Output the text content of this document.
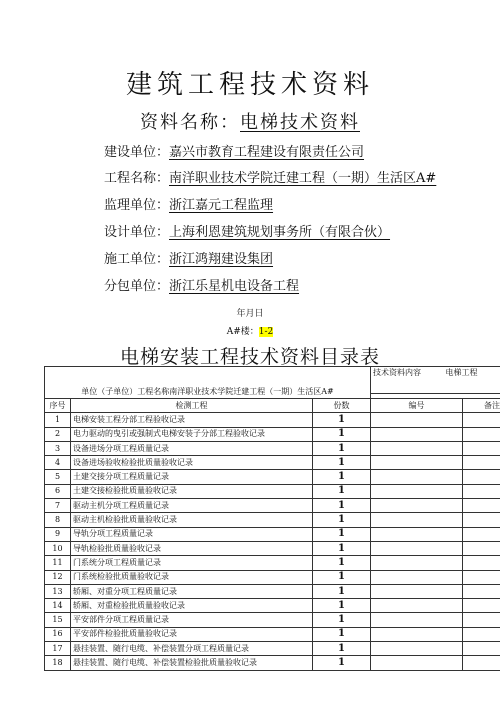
建筑工程技术资料
资料名称：电梯技术资料
建设单位：嘉兴市教育工程建设有限责任公司
工程名称：南洋职业技术学院迁建工程（一期）生活区A#
监理单位：浙江嘉元工程监理
设计单位：上海利恩建筑规划事务所（有限合伙）
施工单位：浙江鸿翔建设集团
分包单位：浙江乐星机电设备工程
年月日
A#楼：1-2
电梯安装工程技术资料目录表
单位（子单位）工程名称南洋职业技术学院迁建工程（一期）生活区A#			技术资料内容 电梯工程	

序号	检测工程	份数	编号	备注
1	电梯安装工程分部工程验收记录	1		
2	电力驱动的曳引或强制式电梯安装子分部工程验收记录	1		
3	设备进场分项工程质量记录	1		
4	设备进场验收检验批质量验收记录	1		
5	土建交接分项工程质量记录	1		
6	土建交接检验批质量验收记录	1		
7	驱动主机分项工程质量记录	1		
8	驱动主机检验批质量验收记录	1		
9	导轨分项工程质量记录	1		
10	导轨检验批质量验收记录	1		
11	门系统分项工程质量记录	1		
12	门系统检验批质量验收记录	1		
13	轿厢、对重分项工程质量记录	1		
14	轿厢、对重检验批质量验收记录	1		
15	平安部件分项工程质量记录	1		
16	平安部件检验批质量验收记录	1		
17	悬挂装置、随行电缆、补偿装置分项工程质量记录	1		
18	悬挂装置、随行电缆、补偿装置检验批质量验收记录	1		
